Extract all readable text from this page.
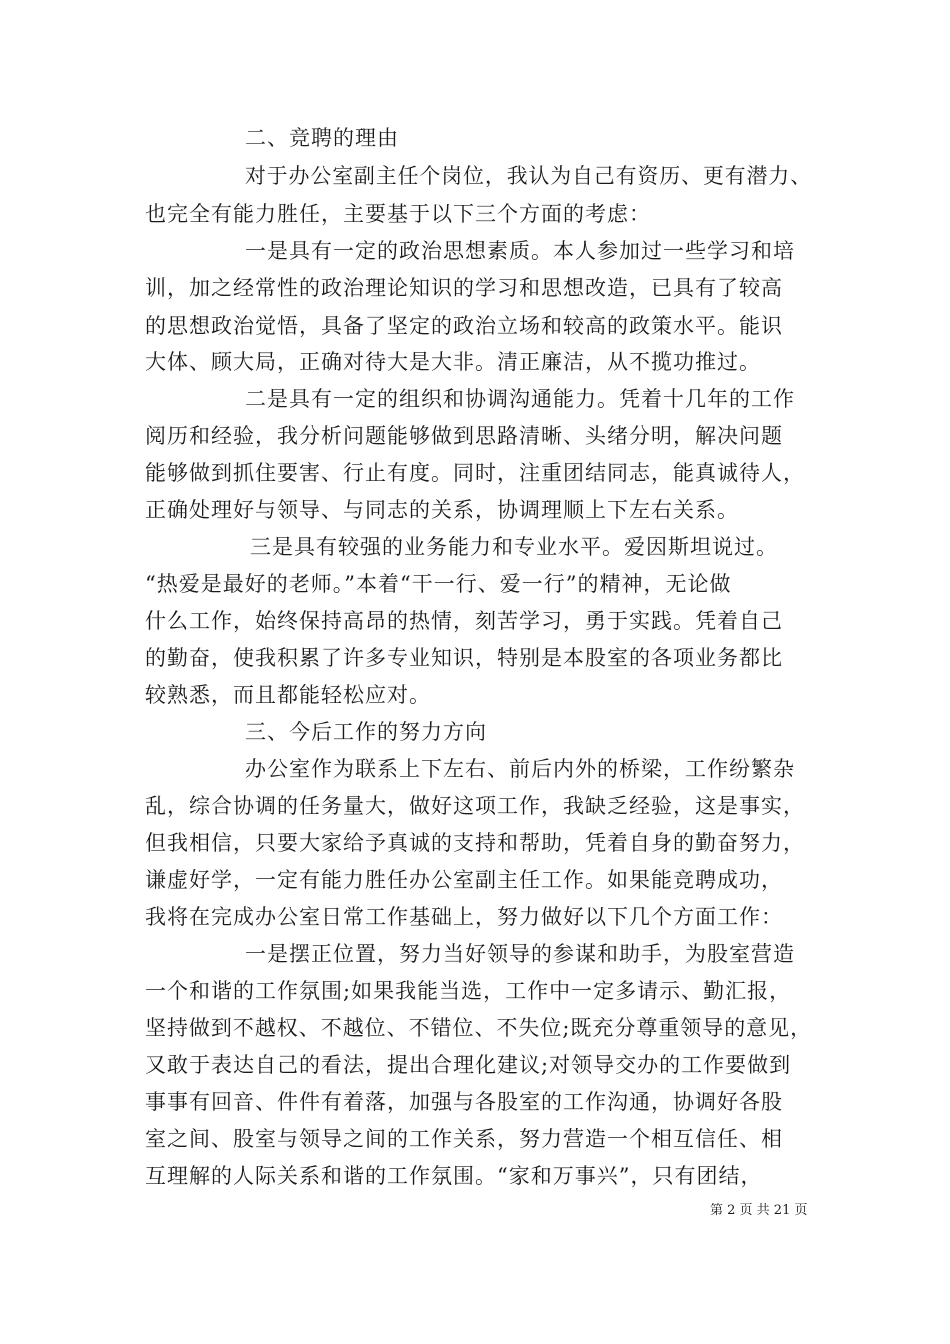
二、竞聘的理由
对于办公室副主任个岗位，我认为自己有资历、更有潜力、
也完全有能力胜任，主要基于以下三个方面的考虑：
一是具有一定的政治思想素质。本人参加过一些学习和培
训，加之经常性的政治理论知识的学习和思想改造，已具有了较高
的思想政治觉悟，具备了坚定的政治立场和较高的政策水平。能识
大体、顾大局，正确对待大是大非。清正廉洁，从不揽功推过。
二是具有一定的组织和协调沟通能力。凭着十几年的工作
阅历和经验，我分析问题能够做到思路清晰、头绪分明，解决问题
能够做到抓住要害、行止有度。同时，注重团结同志，能真诚待人，
正确处理好与领导、与同志的关系，协调理顺上下左右关系。
三是具有较强的业务能力和专业水平。爱因斯坦说过。
“热爱是最好的老师。”本着“干一行、爱一行”的精神，无论做
什么工作，始终保持高昂的热情，刻苦学习，勇于实践。凭着自己
的勤奋，使我积累了许多专业知识，特别是本股室的各项业务都比
较熟悉，而且都能轻松应对。
三、今后工作的努力方向
办公室作为联系上下左右、前后内外的桥梁，工作纷繁杂
乱，综合协调的任务量大，做好这项工作，我缺乏经验，这是事实，
但我相信，只要大家给予真诚的支持和帮助，凭着自身的勤奋努力，
谦虚好学，一定有能力胜任办公室副主任工作。如果能竞聘成功，
我将在完成办公室日常工作基础上，努力做好以下几个方面工作：
一是摆正位置，努力当好领导的参谋和助手，为股室营造
一个和谐的工作氛围;如果我能当选，工作中一定多请示、勤汇报，
坚持做到不越权、不越位、不错位、不失位;既充分尊重领导的意见，
又敢于表达自己的看法，提出合理化建议;对领导交办的工作要做到
事事有回音、件件有着落，加强与各股室的工作沟通，协调好各股
室之间、股室与领导之间的工作关系，努力营造一个相互信任、相
互理解的人际关系和谐的工作氛围。“家和万事兴”，只有团结，
第 2 页 共 21 页
